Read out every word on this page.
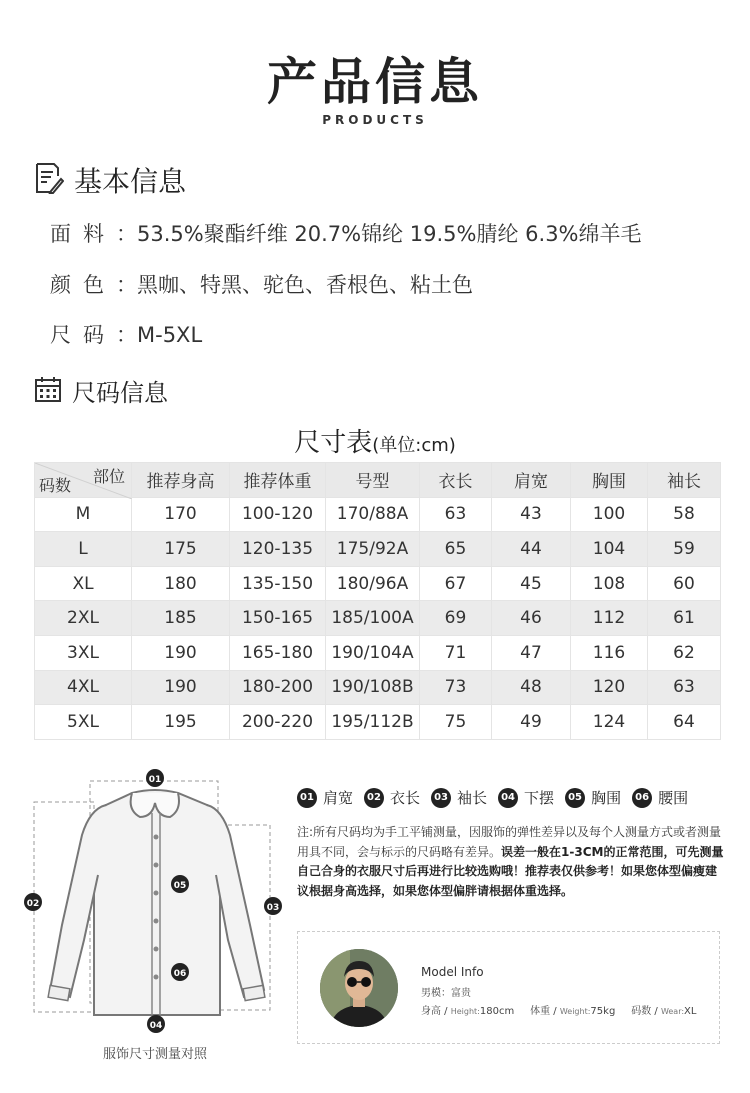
产品信息
PRODUCTS
基本信息
面料：53.5%聚酯纤维 20.7%锦纶 19.5%腈纶 6.3%绵羊毛
颜色：黑咖、特黑、驼色、香根色、粘土色
尺码：M-5XL
尺码信息
尺寸表(单位:cm)
部位
码数	推荐身高	推荐体重	号型	衣长	肩宽	胸围	袖长
M	170	100-120	170/88A	63	43	100	58
L	175	120-135	175/92A	65	44	104	59
XL	180	135-150	180/96A	67	45	108	60
2XL	185	150-165	185/100A	69	46	112	61
3XL	190	165-180	190/104A	71	47	116	62
4XL	190	180-200	190/108B	73	48	120	63
5XL	195	200-220	195/112B	75	49	124	64
01
02	03
04
05
06
服饰尺寸测量对照
01 肩宽	02 衣长	03 袖长	04 下摆	05 胸围	06 腰围
注:所有尺码均为手工平铺测量，因服饰的弹性差异以及每个人测量方式或者测量用具不同，会与标示的尺码略有差异。误差一般在1-3CM的正常范围，可先测量自己合身的衣服尺寸后再进行比较选购哦！推荐表仅供参考！如果您体型偏瘦建议根据身高选择，如果您体型偏胖请根据体重选择。
Model Info
男模：富贵
身高 / Height:180cm 体重 / Weight:75kg 码数 / Wear:XL
